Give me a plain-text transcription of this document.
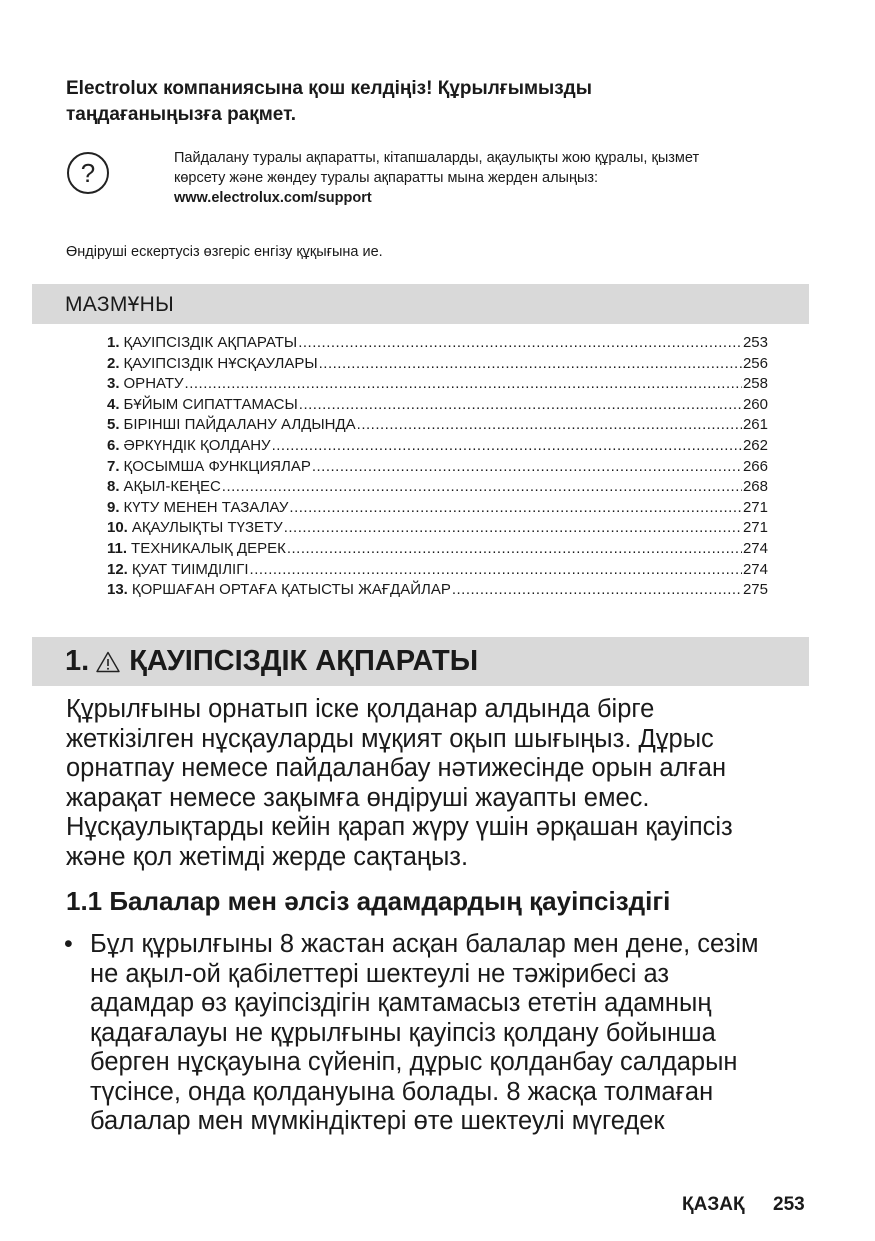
Electrolux компаниясына қош келдіңіз! Құрылғымызды
таңдағаныңызға рақмет.
?	Пайдалану туралы ақпаратты, кітапшаларды, ақаулықты жою құралы, қызмет
көрсету және жөндеу туралы ақпаратты мына жерден алыңыз:
www.electrolux.com/support
Өндіруші ескертусіз өзгеріс енгізу құқығына ие.
МАЗМҰНЫ
1. ҚАУІПСІЗДІК АҚПАРАТЫ .....	253
2. ҚАУІПСІЗДІК НҰСҚАУЛАРЫ .....	256
3. ОРНАТУ .....	258
4. БҰЙЫМ СИПАТТАМАСЫ .....	260
5. БІРІНШІ ПАЙДАЛАНУ АЛДЫНДА .....	261
6. ӘРКҮНДІК ҚОЛДАНУ .....	262
7. ҚОСЫМША ФУНКЦИЯЛАР .....	266
8. АҚЫЛ-КЕҢЕС .....	268
9. КҮТУ МЕНЕН ТАЗАЛАУ .....	271
10. АҚАУЛЫҚТЫ ТҮЗЕТУ .....	271
11. ТЕХНИКАЛЫҚ ДЕРЕК .....	274
12. ҚУАТ ТИІМДІЛІГІ .....	274
13. ҚОРШАҒАН ОРТАҒА ҚАТЫСТЫ ЖАҒДАЙЛАР .....	275
1. ҚАУІПСІЗДІК АҚПАРАТЫ

Құрылғыны орнатып іске қолданар алдында бірге
жеткізілген нұсқауларды мұқият оқып шығыңыз. Дұрыс
орнатпау немесе пайдаланбау нәтижесінде орын алған
жарақат немесе зақымға өндіруші жауапты емес.
Нұсқаулықтарды кейін қарап жүру үшін әрқашан қауіпсіз
және қол жетімді жерде сақтаңыз.

1.1 Балалар мен әлсіз адамдардың қауіпсіздігі
• Бұл құрылғыны 8 жастан асқан балалар мен дене, сезім
не ақыл-ой қабілеттері шектеулі не тәжірибесі аз
адамдар өз қауіпсіздігін қамтамасыз ететін адамның
қадағалауы не құрылғыны қауіпсіз қолдану бойынша
берген нұсқауына сүйеніп, дұрыс қолданбау салдарын
түсінсе, онда қолдануына болады. 8 жасқа толмаған
балалар мен мүмкіндіктері өте шектеулі мүгедек

ҚАЗАҚ 253
